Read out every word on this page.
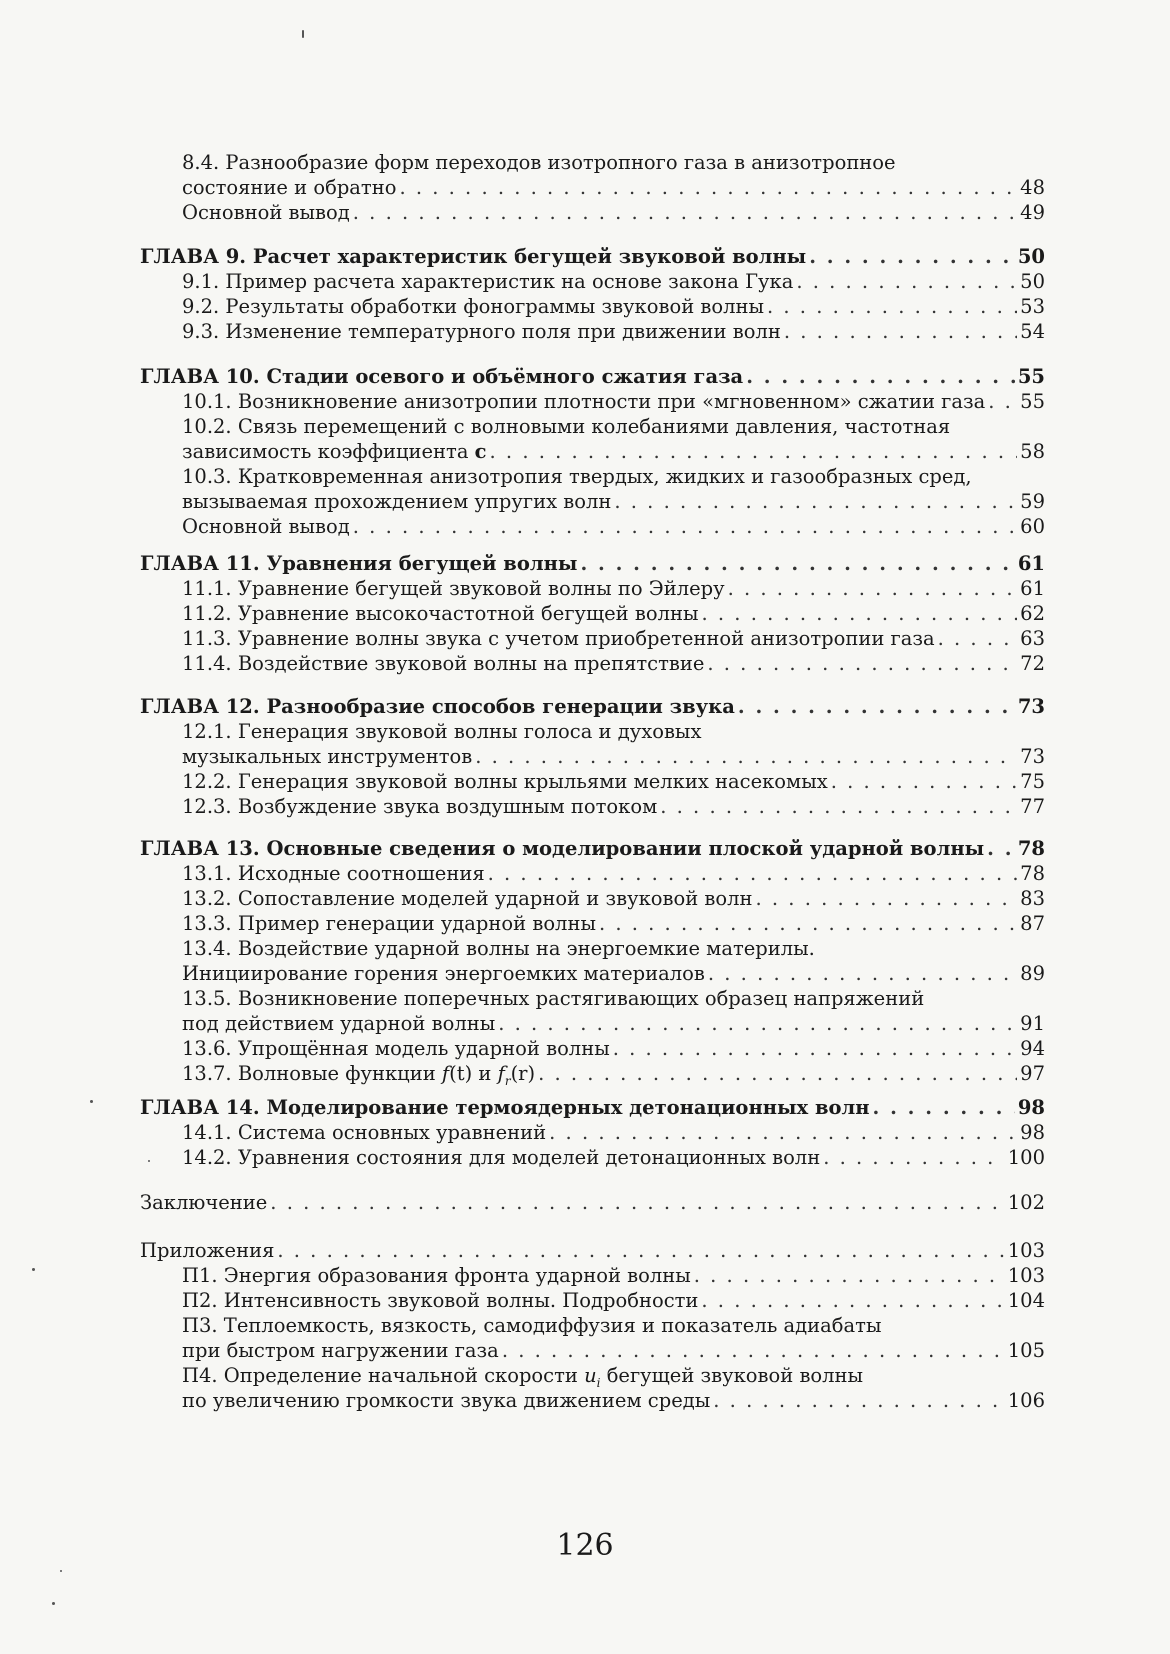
8.4. Разнообразие форм переходов изотропного газа в анизотропное
состояние и обратно . . .	48
Основной вывод . . .	49
ГЛАВА 9. Расчет характеристик бегущей звуковой волны . . .	50
9.1. Пример расчета характеристик на основе закона Гука . . .	50
9.2. Результаты обработки фонограммы звуковой волны . . .	53
9.3. Изменение температурного поля при движении волн . . .	54
ГЛАВА 10. Стадии осевого и объёмного сжатия газа . . .	55
10.1. Возникновение анизотропии плотности при «мгновенном» сжатии газа . . . 55
10.2. Связь перемещений с волновыми колебаниями давления, частотная
зависимость коэффициента с . . .	58
10.3. Кратковременная анизотропия твердых, жидких и газообразных сред,
вызываемая прохождением упругих волн . . .	59
Основной вывод . . .	60
ГЛАВА 11. Уравнения бегущей волны . . .	61
11.1. Уравнение бегущей звуковой волны по Эйлеру . . .	61
11.2. Уравнение высокочастотной бегущей волны . . .	62
11.3. Уравнение волны звука с учетом приобретенной анизотропии газа . . .	63
11.4. Воздействие звуковой волны на препятствие . . .	72
ГЛАВА 12. Разнообразие способов генерации звука . . .	73
12.1. Генерация звуковой волны голоса и духовых
музыкальных инструментов . . .	73
12.2. Генерация звуковой волны крыльями мелких насекомых . . .	75
12.3. Возбуждение звука воздушным потоком . . .	77
ГЛАВА 13. Основные сведения о моделировании плоской ударной волны . . . 78
13.1. Исходные соотношения . . .	78
13.2. Сопоставление моделей ударной и звуковой волн . . .	83
13.3. Пример генерации ударной волны . . .	87
13.4. Воздействие ударной волны на энергоемкие материлы.
Инициирование горения энергоемких материалов . . .	89
13.5. Возникновение поперечных растягивающих образец напряжений
под действием ударной волны . . .	91
13.6. Упрощённая модель ударной волны . . .	94
13.7. Волновые функции f(t) и $f_r(r)$ . . .	97
ГЛАВА 14. Моделирование термоядерных детонационных волн . . .	98
14.1. Система основных уравнений . . .	98
14.2. Уравнения состояния для моделей детонационных волн . . .	100
Заключение . . .	102
Приложения . . .	103
П1. Энергия образования фронта ударной волны . . .	103
П2. Интенсивность звуковой волны. Подробности . . .	104
П3. Теплоемкость, вязкость, самодиффузия и показатель адиабаты
при быстром нагружении газа . . .	105
П4. Определение начальной скорости $u_i$ бегущей звуковой волны
по увеличению громкости звука движением среды . . .	106
126
